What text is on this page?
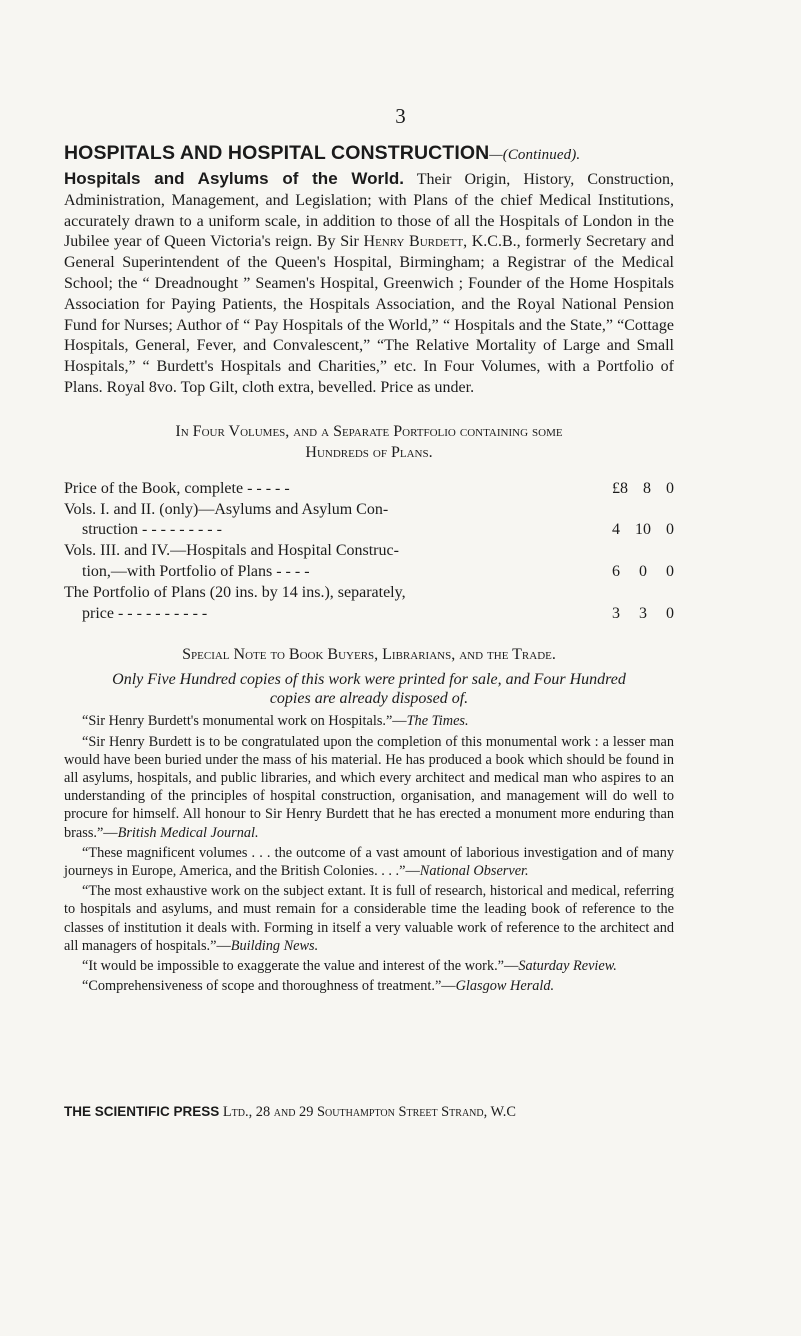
3
HOSPITALS AND HOSPITAL CONSTRUCTION—(Continued).

Hospitals and Asylums of the World. Their Origin, History, Construction, Administration, Management, and Legislation; with Plans of the chief Medical Institutions, accurately drawn to a uniform scale, in addition to those of all the Hospitals of London in the Jubilee year of Queen Victoria's reign. By Sir Henry Burdett, K.C.B., formerly Secretary and General Superintendent of the Queen's Hospital, Birmingham; a Registrar of the Medical School; the “ Dreadnought ” Seamen's Hospital, Greenwich ; Founder of the Home Hospitals Association for Paying Patients, the Hospitals Association, and the Royal National Pension Fund for Nurses; Author of “ Pay Hospitals of the World,” “ Hospitals and the State,” “Cottage Hospitals, General, Fever, and Convalescent,” “The Relative Mortality of Large and Small Hospitals,” “ Burdett's Hospitals and Charities,” etc. In Four Volumes, with a Portfolio of Plans. Royal 8vo. Top Gilt, cloth extra, bevelled. Price as under.

In Four Volumes, and a Separate Portfolio containing some
Hundreds of Plans.
Price of the Book, complete - - - - -	£8 8 0
Vols. I. and II. (only)—Asylums and Asylum Con-
struction - - - - - - - - -	4 10 0
Vols. III. and IV.—Hospitals and Hospital Construc-
tion,—with Portfolio of Plans - - - -	6 0 0
The Portfolio of Plans (20 ins. by 14 ins.), separately,
price - - - - - - - - - -	3 3 0
Special Note to Book Buyers, Librarians, and the Trade.
Only Five Hundred copies of this work were printed for sale, and Four Hundred copies are already disposed of.

“Sir Henry Burdett's monumental work on Hospitals.”—The Times.

“Sir Henry Burdett is to be congratulated upon the completion of this monumental work : a lesser man would have been buried under the mass of his material. He has produced a book which should be found in all asylums, hospitals, and public libraries, and which every architect and medical man who aspires to an understanding of the principles of hospital construction, organisation, and management will do well to procure for himself. All honour to Sir Henry Burdett that he has erected a monument more enduring than brass.”—British Medical Journal.

“These magnificent volumes . . . the outcome of a vast amount of laborious investigation and of many journeys in Europe, America, and the British Colonies. . . .”—National Observer.

“The most exhaustive work on the subject extant. It is full of research, historical and medical, referring to hospitals and asylums, and must remain for a considerable time the leading book of reference to the classes of institution it deals with. Forming in itself a very valuable work of reference to the architect and all managers of hospitals.”—Building News.

“It would be impossible to exaggerate the value and interest of the work.”—Saturday Review.

“Comprehensiveness of scope and thoroughness of treatment.”—Glasgow Herald.

THE SCIENTIFIC PRESS Ltd., 28 and 29 Southampton Street Strand, W.C
